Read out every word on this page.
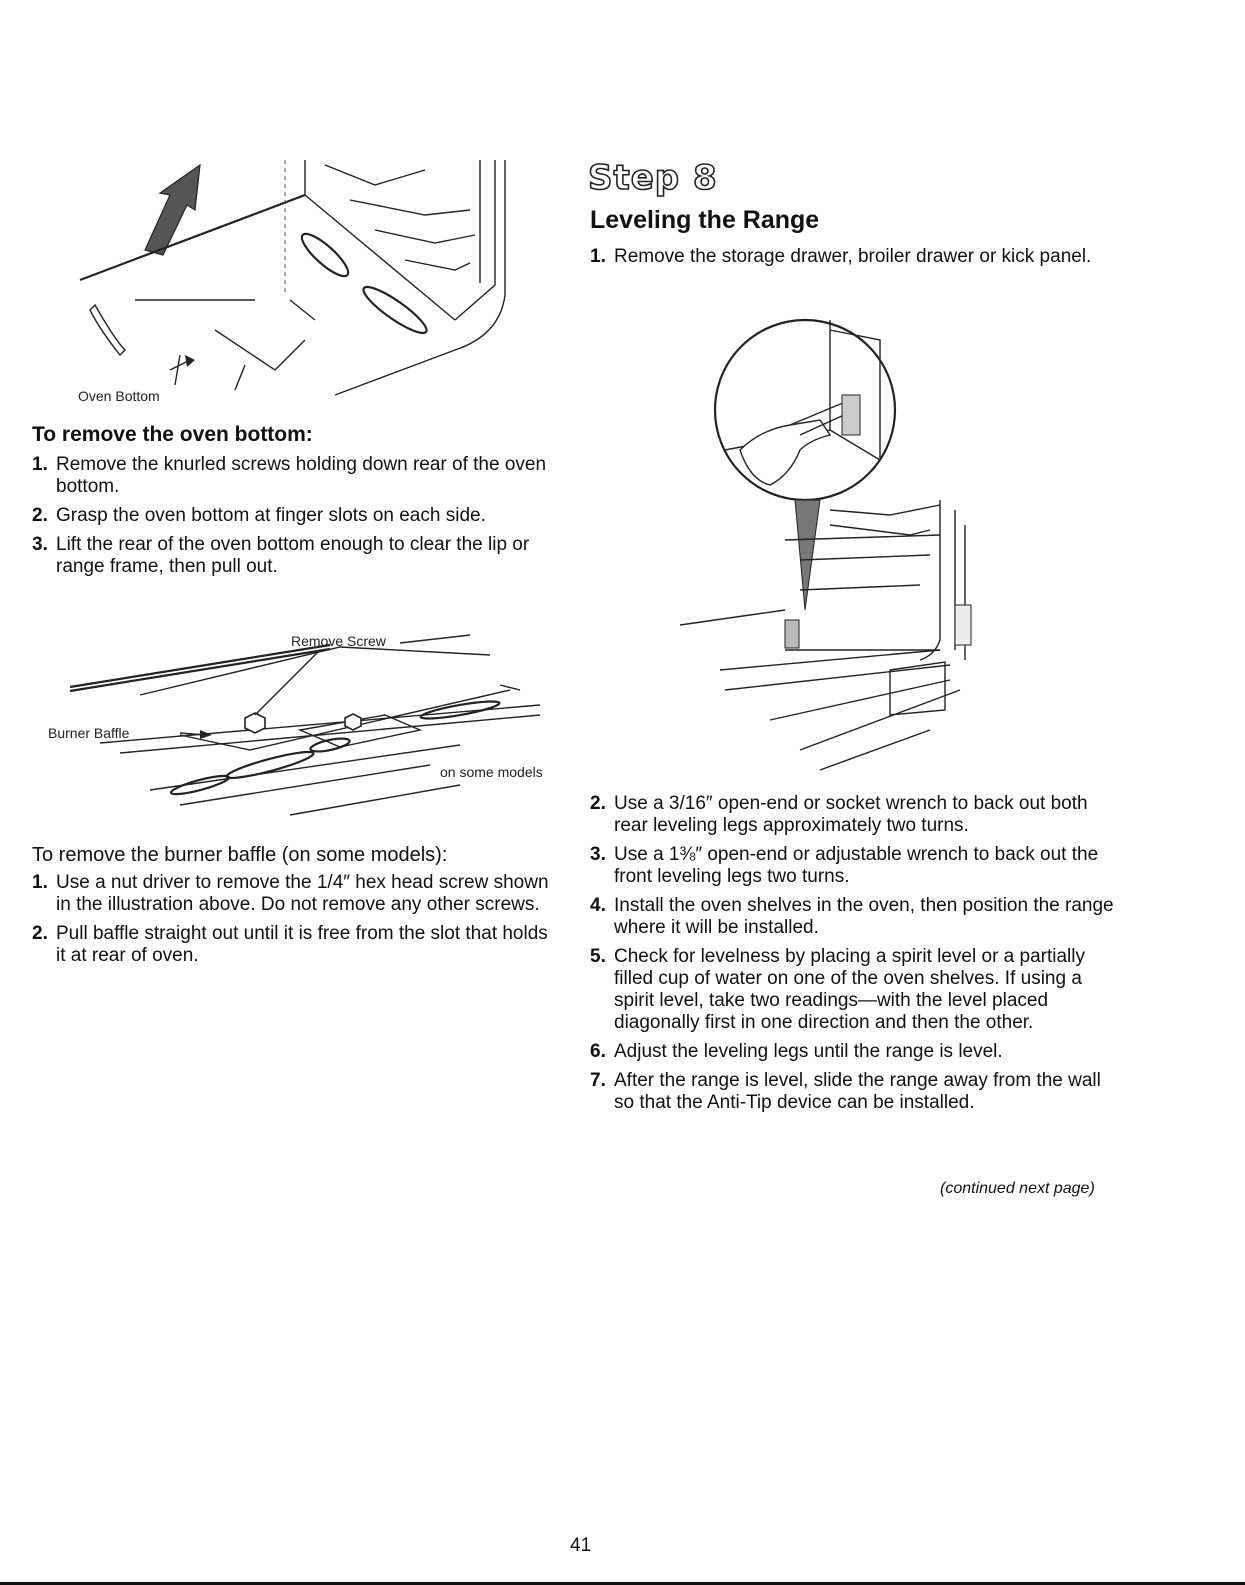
Oven Bottom
To remove the oven bottom:
1. Remove the knurled screws holding down rear of the oven bottom.
2. Grasp the oven bottom at finger slots on each side.
3. Lift the rear of the oven bottom enough to clear the lip or range frame, then pull out.
Remove Screw
Burner Baffle
on some models
To remove the burner baffle (on some models):
1. Use a nut driver to remove the 1/4″ hex head screw shown in the illustration above. Do not remove any other screws.
2. Pull baffle straight out until it is free from the slot that holds it at rear of oven.
Step 8
Leveling the Range
1. Remove the storage drawer, broiler drawer or kick panel.
2. Use a 3/16″ open-end or socket wrench to back out both rear leveling legs approximately two turns.
3. Use a 1⅜″ open-end or adjustable wrench to back out the front leveling legs two turns.
4. Install the oven shelves in the oven, then position the range where it will be installed.
5. Check for levelness by placing a spirit level or a partially filled cup of water on one of the oven shelves. If using a spirit level, take two readings—with the level placed diagonally first in one direction and then the other.
6. Adjust the leveling legs until the range is level.
7. After the range is level, slide the range away from the wall so that the Anti-Tip device can be installed.
(continued next page)
41
